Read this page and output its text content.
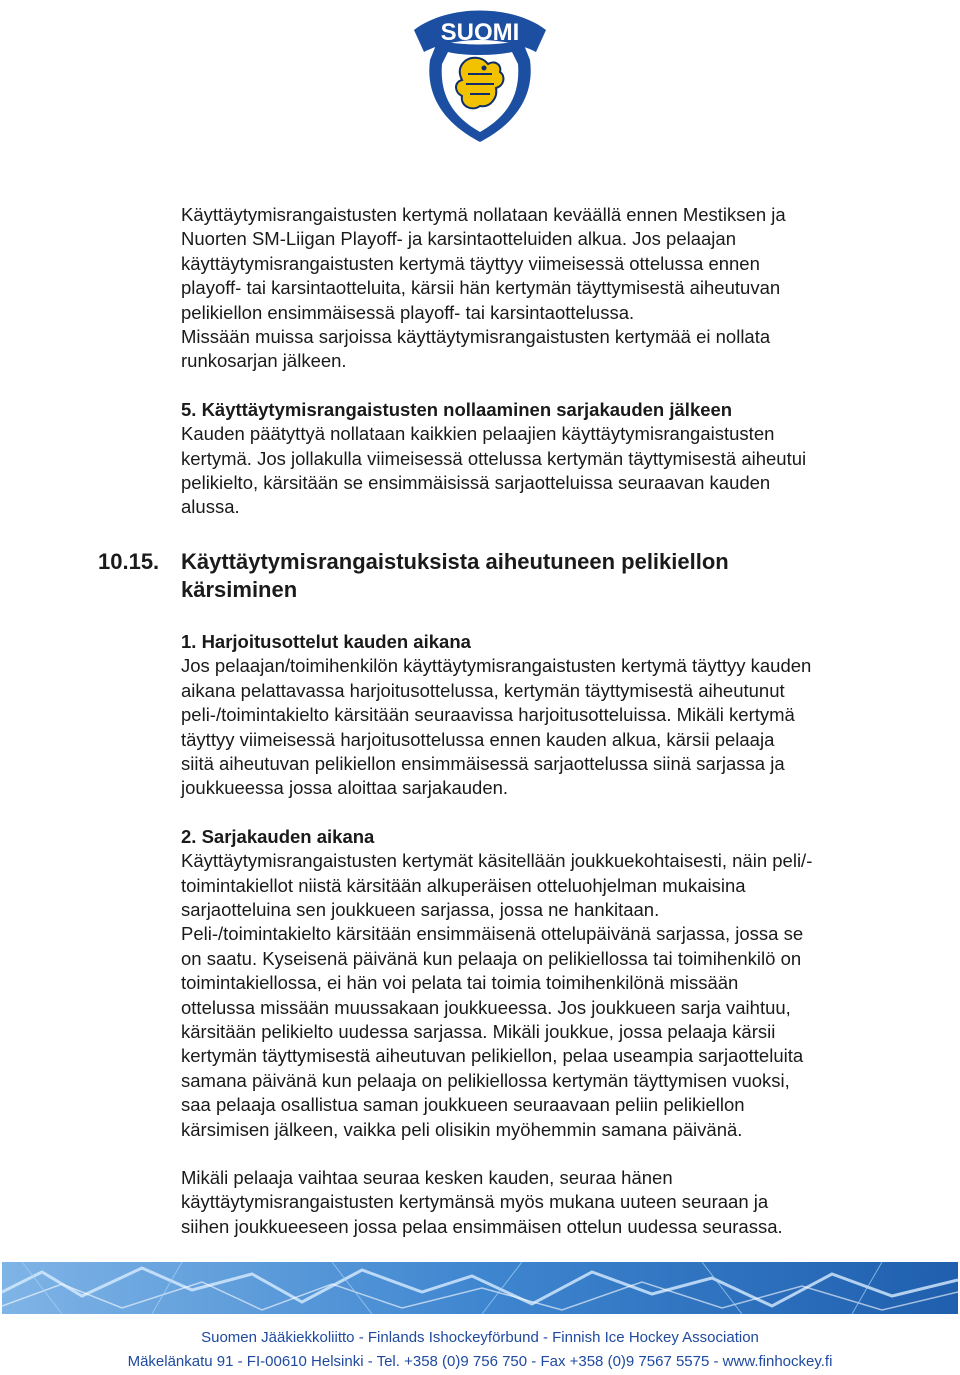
SUOMI

Käyttäytymisrangaistusten kertymä nollataan keväällä ennen Mestiksen ja

Nuorten SM-Liigan Playoff- ja karsintaotteluiden alkua. Jos pelaajan

käyttäytymisrangaistusten kertymä täyttyy viimeisessä ottelussa ennen

playoff- tai karsintaotteluita, kärsii hän kertymän täyttymisestä aiheutuvan

pelikiellon ensimmäisessä playoff- tai karsintaottelussa.

Missään muissa sarjoissa käyttäytymisrangaistusten kertymää ei nollata

runkosarjan jälkeen.

5. Käyttäytymisrangaistusten nollaaminen sarjakauden jälkeen

Kauden päätyttyä nollataan kaikkien pelaajien käyttäytymisrangaistusten

kertymä. Jos jollakulla viimeisessä ottelussa kertymän täyttymisestä aiheutui

pelikielto, kärsitään se ensimmäisissä sarjaotteluissa seuraavan kauden

alussa.

10.15. Käyttäytymisrangaistuksista aiheutuneen pelikiellon

kärsiminen

1. Harjoitusottelut kauden aikana

Jos pelaajan/toimihenkilön käyttäytymisrangaistusten kertymä täyttyy kauden

aikana pelattavassa harjoitusottelussa, kertymän täyttymisestä aiheutunut

peli-/toimintakielto kärsitään seuraavissa harjoitusotteluissa. Mikäli kertymä

täyttyy viimeisessä harjoitusottelussa ennen kauden alkua, kärsii pelaaja

siitä aiheutuvan pelikiellon ensimmäisessä sarjaottelussa siinä sarjassa ja

joukkueessa jossa aloittaa sarjakauden.

2. Sarjakauden aikana

Käyttäytymisrangaistusten kertymät käsitellään joukkuekohtaisesti, näin peli/-

toimintakiellot niistä kärsitään alkuperäisen otteluohjelman mukaisina

sarjaotteluina sen joukkueen sarjassa, jossa ne hankitaan.

Peli-/toimintakielto kärsitään ensimmäisenä ottelupäivänä sarjassa, jossa se

on saatu. Kyseisenä päivänä kun pelaaja on pelikiellossa tai toimihenkilö on

toimintakiellossa, ei hän voi pelata tai toimia toimihenkilönä missään

ottelussa missään muussakaan joukkueessa. Jos joukkueen sarja vaihtuu,

kärsitään pelikielto uudessa sarjassa. Mikäli joukkue, jossa pelaaja kärsii

kertymän täyttymisestä aiheutuvan pelikiellon, pelaa useampia sarjaotteluita

samana päivänä kun pelaaja on pelikiellossa kertymän täyttymisen vuoksi,

saa pelaaja osallistua saman joukkueen seuraavaan peliin pelikiellon

kärsimisen jälkeen, vaikka peli olisikin myöhemmin samana päivänä.

Mikäli pelaaja vaihtaa seuraa kesken kauden, seuraa hänen

käyttäytymisrangaistusten kertymänsä myös mukana uuteen seuraan ja

siihen joukkueeseen jossa pelaa ensimmäisen ottelun uudessa seurassa.

Suomen Jääkiekkoliitto - Finlands Ishockeyförbund - Finnish Ice Hockey Association
Mäkelänkatu 91 - FI-00610 Helsinki - Tel. +358 (0)9 756 750 - Fax +358 (0)9 7567 5575 - www.finhockey.fi
